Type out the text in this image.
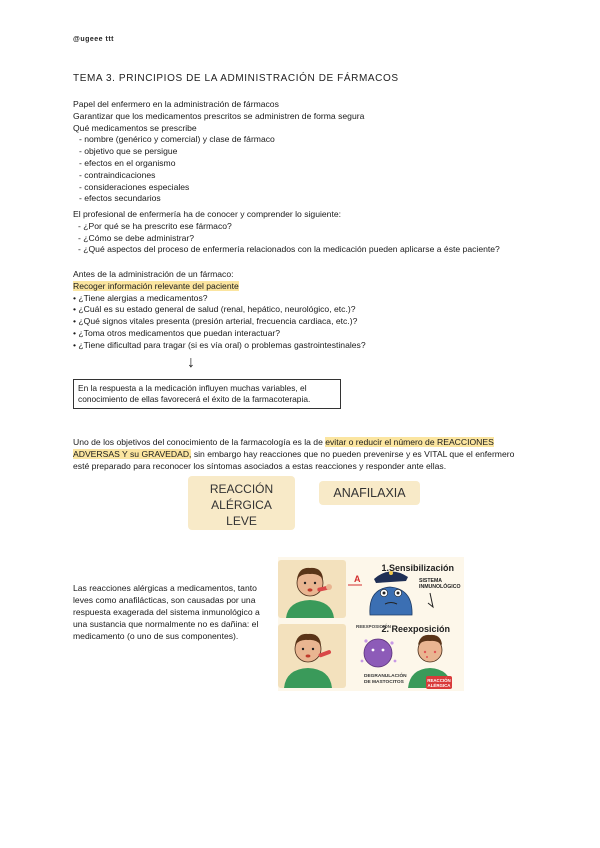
@ugeee ttt
TEMA 3. PRINCIPIOS DE LA ADMINISTRACIÓN DE FÁRMACOS
Papel del enfermero en la administración de fármacos
Garantizar que los medicamentos prescritos se administren de forma segura
Qué medicamentos se prescribe
- nombre (genérico y comercial) y clase de fármaco
- objetivo que se persigue
- efectos en el organismo
- contraindicaciones
- consideraciones especiales
- efectos secundarios
El profesional de enfermería ha de conocer y comprender lo siguiente:
- ¿Por qué se ha prescrito ese fármaco?
- ¿Cómo se debe administrar?
- ¿Qué aspectos del proceso de enfermería relacionados con la medicación pueden aplicarse a éste paciente?
Antes de la administración de un fármaco:
Recoger información relevante del paciente
• ¿Tiene alergias a medicamentos?
• ¿Cuál es su estado general de salud (renal, hepático, neurológico, etc.)?
• ¿Qué signos vitales presenta (presión arterial, frecuencia cardiaca, etc.)?
• ¿Toma otros medicamentos que puedan interactuar?
• ¿Tiene dificultad para tragar (si es vía oral) o problemas gastrointestinales?
↓
En la respuesta a la medicación influyen muchas variables, el
conocimiento de ellas favorecerá el éxito de la farmacoterapia.
Uno de los objetivos del conocimiento de la farmacología es la de evitar o reducir el número de REACCIONES ADVERSAS Y su GRAVEDAD, sin embargo hay reacciones que no pueden prevenirse y es VITAL que el enfermero esté preparado para reconocer los síntomas asociados a estas reacciones y responder ante ellas.
REACCIÓN
ALÉRGICA
LEVE
ANAFILAXIA
Las reacciones alérgicas a medicamentos, tanto leves como anafilácticas, son causadas por una respuesta exagerada del sistema inmunológico a una sustancia que normalmente no es dañina: el medicamento (o uno de sus componentes).
A
1.Sensibilización
SISTEMA
INMUNOLÓGICO
2. Reexposición
REEXPOSICIÓN
DEGRANULACIÓN
DE MASTOCITOS	REACCIÓN
ALÉRGICA
